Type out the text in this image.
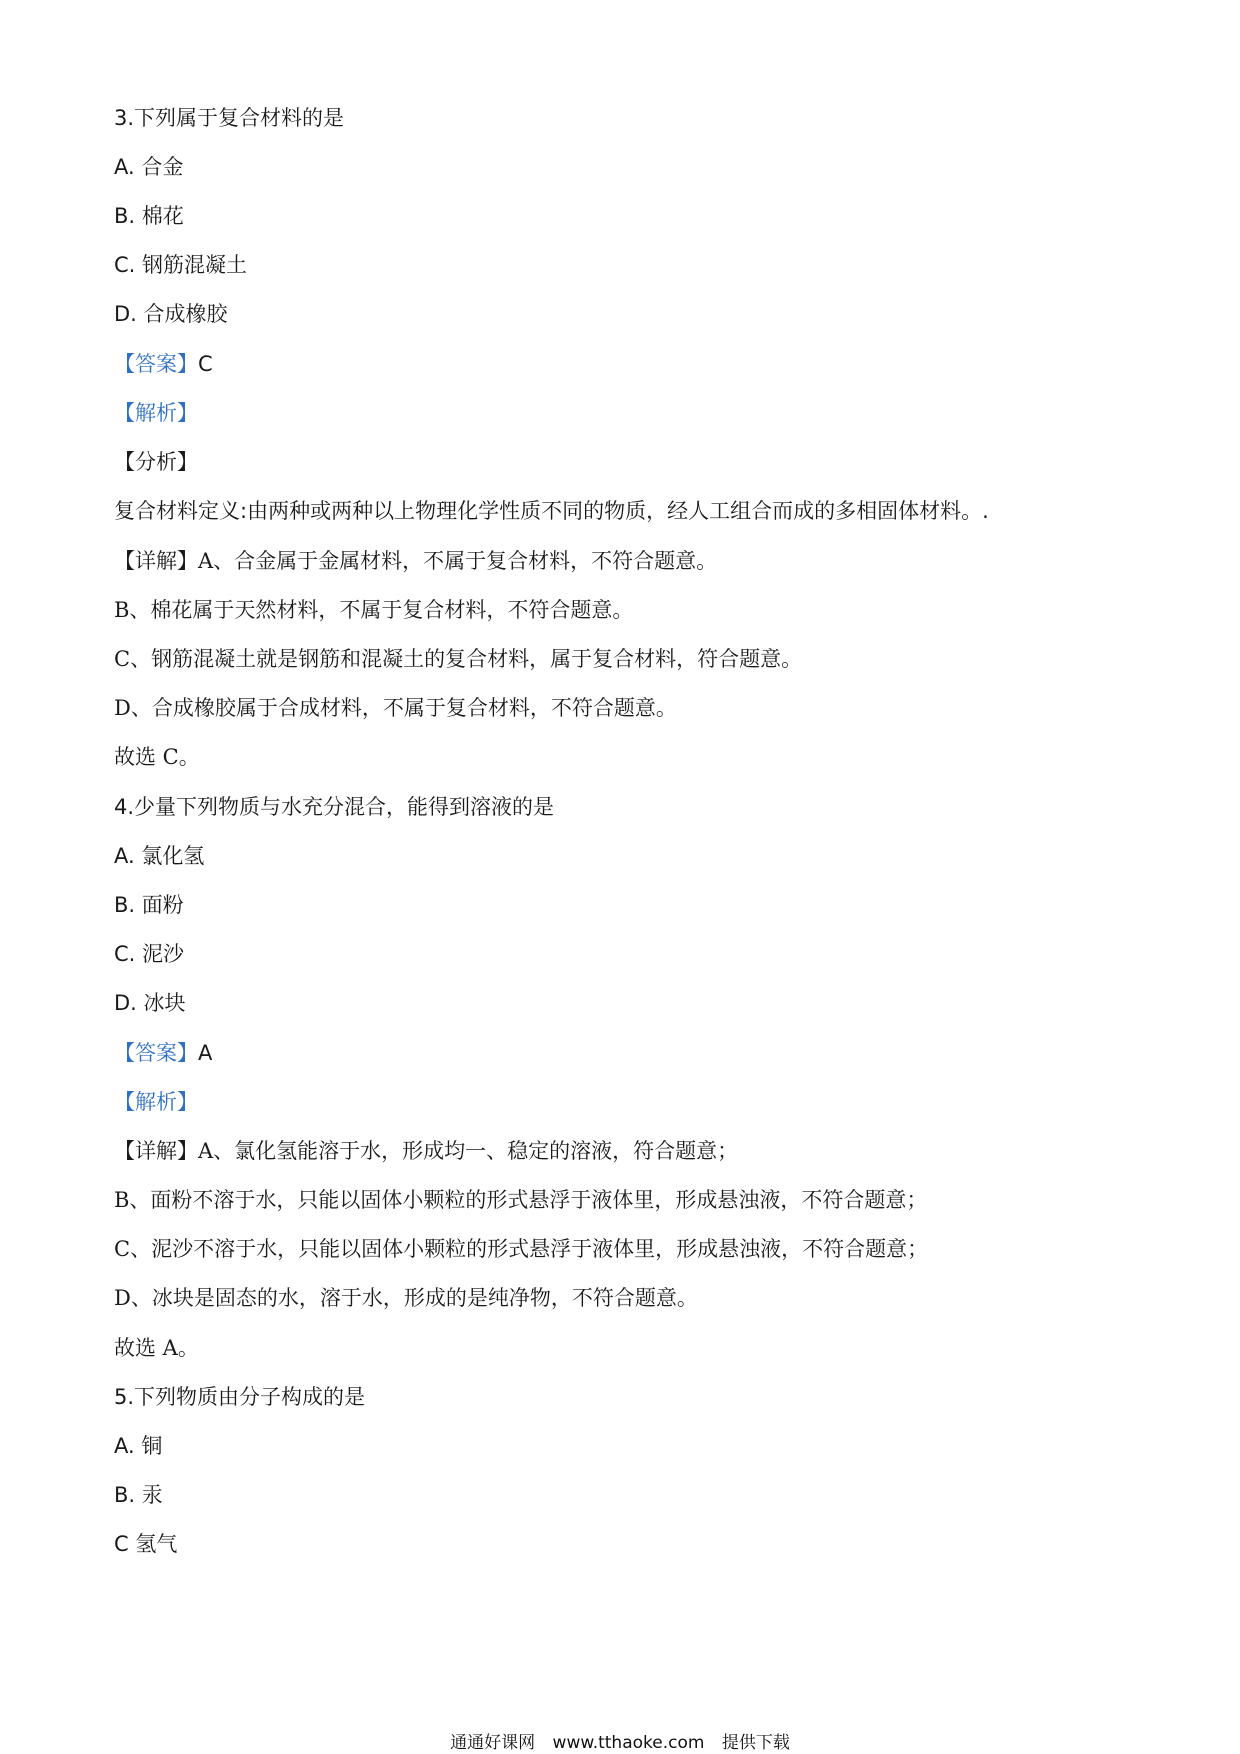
3.下列属于复合材料的是
A. 合金
B. 棉花
C. 钢筋混凝土
D. 合成橡胶
【答案】C
【解析】
【分析】
复合材料定义:由两种或两种以上物理化学性质不同的物质，经人工组合而成的多相固体材料。.
【详解】A、合金属于金属材料，不属于复合材料，不符合题意。
B、棉花属于天然材料，不属于复合材料，不符合题意。
C、钢筋混凝土就是钢筋和混凝土的复合材料，属于复合材料，符合题意。
D、合成橡胶属于合成材料，不属于复合材料，不符合题意。
故选 C。
4.少量下列物质与水充分混合，能得到溶液的是
A. 氯化氢
B. 面粉
C. 泥沙
D. 冰块
【答案】A
【解析】
【详解】A、氯化氢能溶于水，形成均一、稳定的溶液，符合题意；
B、面粉不溶于水，只能以固体小颗粒的形式悬浮于液体里，形成悬浊液，不符合题意；
C、泥沙不溶于水，只能以固体小颗粒的形式悬浮于液体里，形成悬浊液，不符合题意；
D、冰块是固态的水，溶于水，形成的是纯净物，不符合题意。
故选 A。
5.下列物质由分子构成的是
A. 铜
B. 汞
C 氢气
通通好课网 www.tthaoke.com 提供下载
